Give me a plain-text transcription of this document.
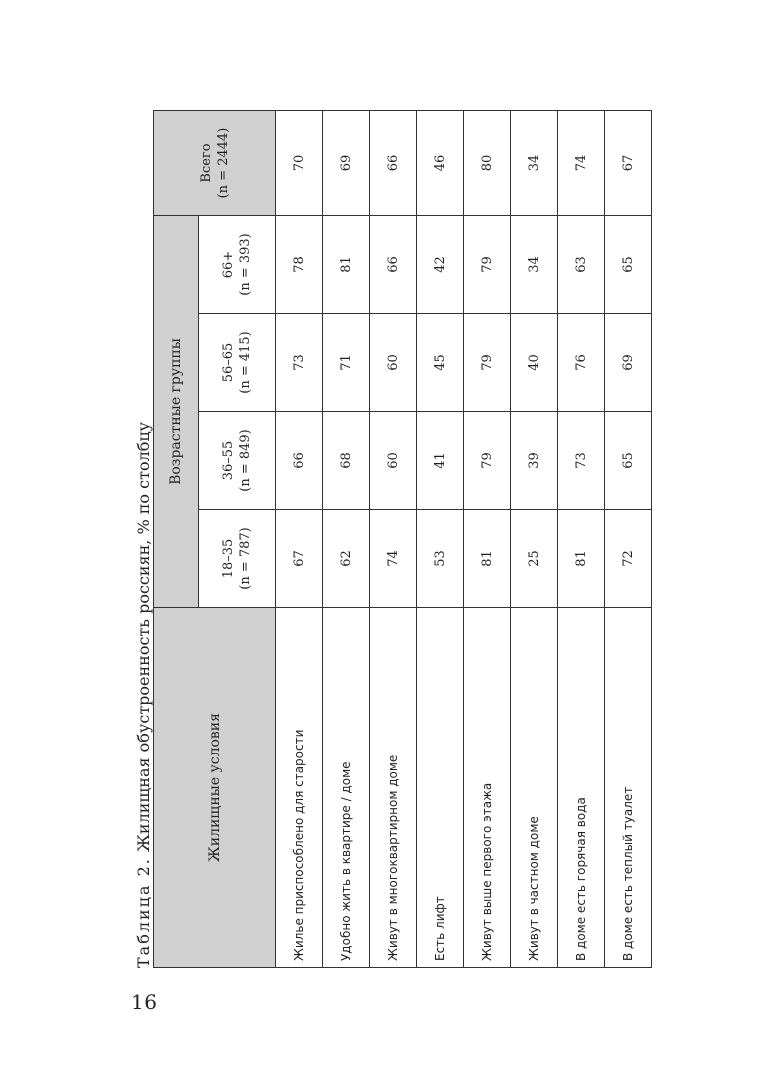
16
Таблица 2. Жилищная обустроенность россиян, % по столбцу	Жилищные условия	Возрастные группы				Всего (n = 2444)
	18–35 (n = 787)	36–55 (n = 849)	56–65 (n = 415)	66+ (n = 393)	
Жилье приспособлено для старости	67	66	73	78	70
Удобно жить в квартире / доме	62	68	71	81	69
Живут в многоквартирном доме	74	60	60	66	66
Есть лифт	53	41	45	42	46
Живут выше первого этажа	81	79	79	79	80
Живут в частном доме	25	39	40	34	34
В доме есть горячая вода	81	73	76	63	74
В доме есть теплый туалет	72	65	69	65	67
